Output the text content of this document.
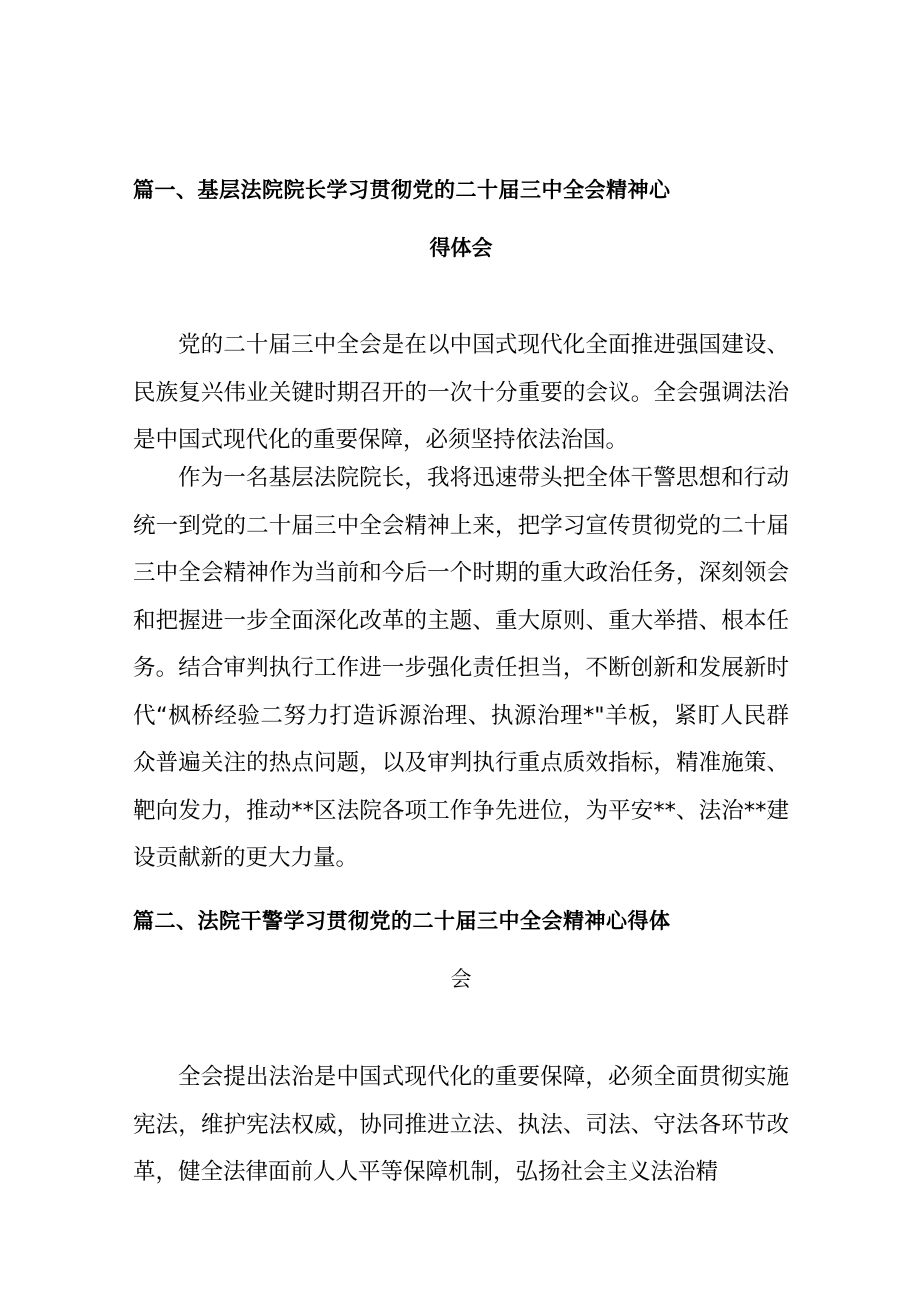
篇一、基层法院院长学习贯彻党的二十届三中全会精神心
得体会

党的二十届三中全会是在以中国式现代化全面推进强国建设、民族复兴伟业关键时期召开的一次十分重要的会议。全会强调法治是中国式现代化的重要保障，必须坚持依法治国。

作为一名基层法院院长，我将迅速带头把全体干警思想和行动统一到党的二十届三中全会精神上来，把学习宣传贯彻党的二十届三中全会精神作为当前和今后一个时期的重大政治任务，深刻领会和把握进一步全面深化改革的主题、重大原则、重大举措、根本任务。结合审判执行工作进一步强化责任担当，不断创新和发展新时代“枫桥经验二努力打造诉源治理、执源治理*"羊板，紧盯人民群众普遍关注的热点问题，以及审判执行重点质效指标，精准施策、靶向发力，推动**区法院各项工作争先进位，为平安**、法治**建设贡献新的更大力量。

篇二、法院干警学习贯彻党的二十届三中全会精神心得体
会

全会提出法治是中国式现代化的重要保障，必须全面贯彻实施宪法，维护宪法权威，协同推进立法、执法、司法、守法各环节改革，健全法律面前人人平等保障机制，弘扬社会主义法治精
